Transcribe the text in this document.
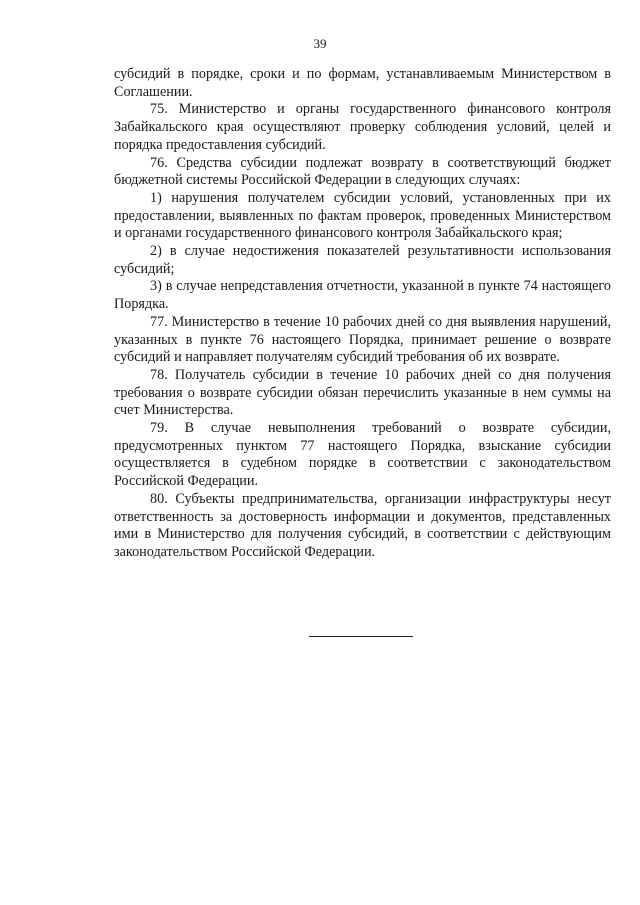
39

субсидий в порядке, сроки и по формам, устанавливаемым Министерством в Соглашении.

75. Министерство и органы государственного финансового контроля Забайкальского края осуществляют проверку соблюдения условий, целей и порядка предоставления субсидий.

76. Средства субсидии подлежат возврату в соответствующий бюджет бюджетной системы Российской Федерации в следующих случаях:

1) нарушения получателем субсидии условий, установленных при их предоставлении, выявленных по фактам проверок, проведенных Министерством и органами государственного финансового контроля Забайкальского края;

2) в случае недостижения показателей результативности использования субсидий;

3) в случае непредставления отчетности, указанной в пункте 74 настоящего Порядка.

77. Министерство в течение 10 рабочих дней со дня выявления нарушений, указанных в пункте 76 настоящего Порядка, принимает решение о возврате субсидий и направляет получателям субсидий требования об их возврате.

78. Получатель субсидии в течение 10 рабочих дней со дня получения требования о возврате субсидии обязан перечислить указанные в нем суммы на счет Министерства.

79. В случае невыполнения требований о возврате субсидии, предусмотренных пунктом 77 настоящего Порядка, взыскание субсидии осуществляется в судебном порядке в соответствии с законодательством Российской Федерации.

80. Субъекты предпринимательства, организации инфраструктуры несут ответственность за достоверность информации и документов, представленных ими в Министерство для получения субсидий, в соответствии с действующим законодательством Российской Федерации.
